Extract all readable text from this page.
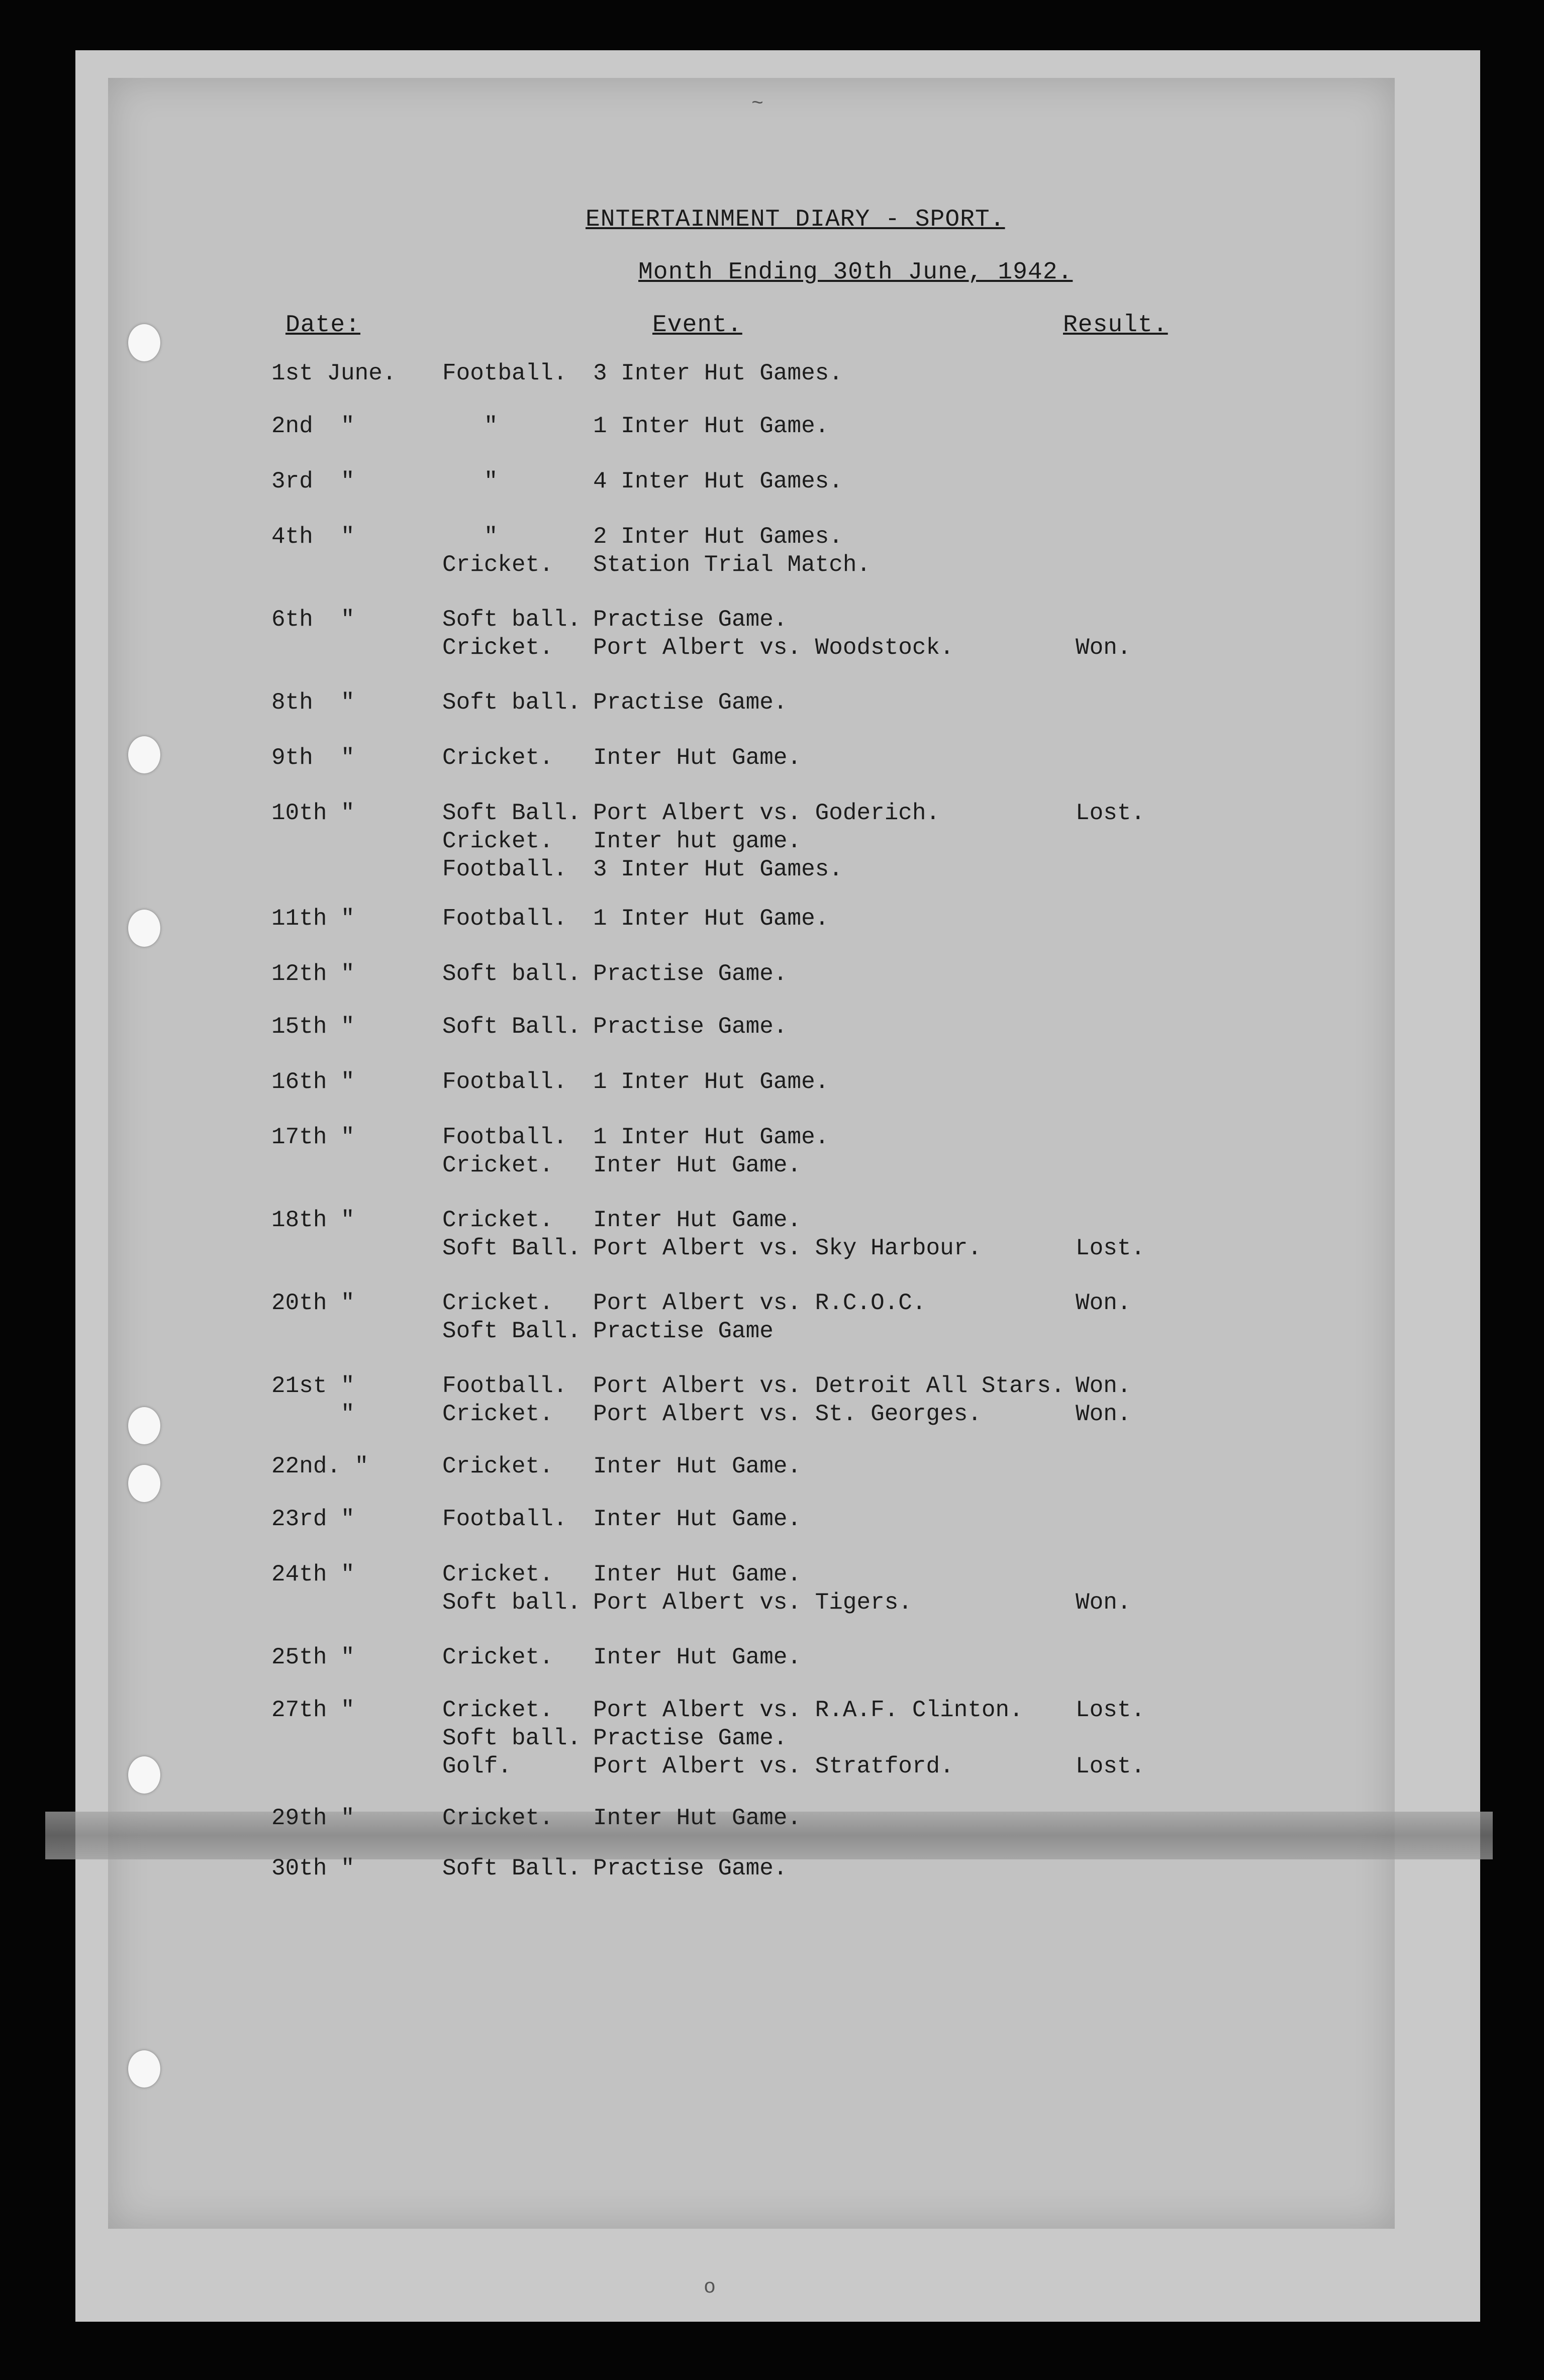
~
o
ENTERTAINMENT DIARY - SPORT.
Month Ending 30th June, 1942.
Date:	Event.	Result.
1st June. Football. 3 Inter Hut Games.
2nd  "	"	1 Inter Hut Game.
3rd  "	"	4 Inter Hut Games.
4th  "	"	2 Inter Hut Games.
Cricket. Station Trial Match.
6th  "	Soft ball. Practise Game.
Cricket. Port Albert vs. Woodstock.	Won.
8th  "	Soft ball. Practise Game.
9th  "	Cricket. Inter Hut Game.
10th "	Soft Ball. Port Albert vs. Goderich.	Lost.
Cricket. Inter hut game.
Football. 3 Inter Hut Games.
11th "	Football. 1 Inter Hut Game.
12th "	Soft ball. Practise Game.
15th "	Soft Ball. Practise Game.
16th "	Football. 1 Inter Hut Game.
17th "	Football. 1 Inter Hut Game.
Cricket. Inter Hut Game.
18th "	Cricket. Inter Hut Game.
Soft Ball. Port Albert vs. Sky Harbour.	Lost.
20th "	Cricket. Port Albert vs. R.C.O.C.	Won.
Soft Ball. Practise Game
21st "	Football. Port Albert vs. Detroit All Stars. Won.
"	Cricket. Port Albert vs. St. Georges.	Won.
22nd. "	Cricket. Inter Hut Game.
23rd "	Football. Inter Hut Game.
24th "	Cricket. Inter Hut Game.
Soft ball. Port Albert vs. Tigers.	Won.
25th "	Cricket. Inter Hut Game.
27th "	Cricket. Port Albert vs. R.A.F. Clinton. Lost.
Soft ball. Practise Game.
Golf.	Port Albert vs. Stratford.	Lost.
29th "	Cricket. Inter Hut Game.
30th "	Soft Ball. Practise Game.
